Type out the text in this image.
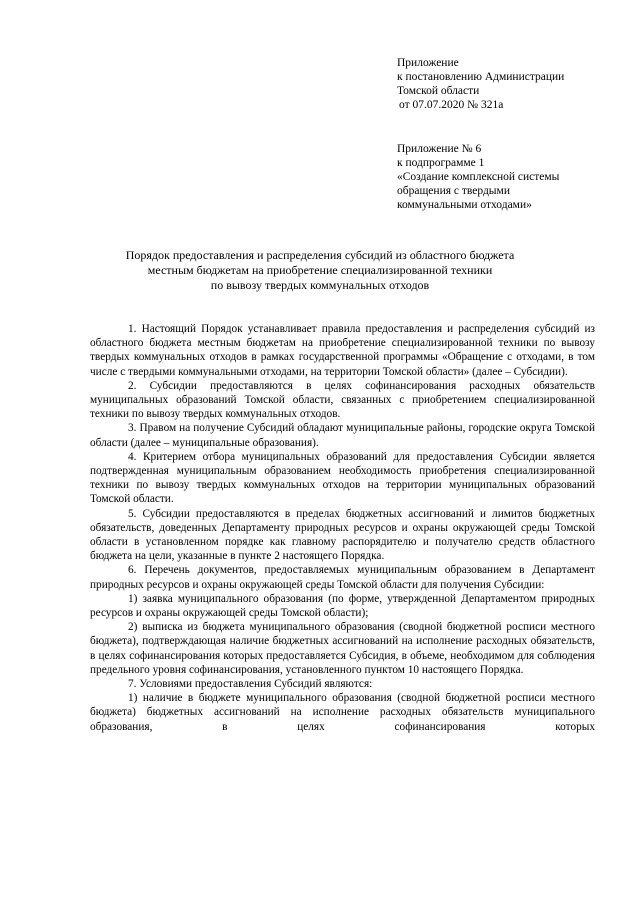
Приложение
к постановлению Администрации
Томской области
от 07.07.2020 № 321а
Приложение № 6
к подпрограмме 1
«Создание комплексной системы
обращения с твердыми
коммунальными отходами»
Порядок предоставления и распределения субсидий из областного бюджета
местным бюджетам на приобретение специализированной техники
по вывозу твердых коммунальных отходов

1. Настоящий Порядок устанавливает правила предоставления и распределения субсидий из областного бюджета местным бюджетам на приобретение специализированной техники по вывозу твердых коммунальных отходов в рамках государственной программы «Обращение с отходами, в том числе с твердыми коммунальными отходами, на территории Томской области» (далее – Субсидии).

2. Субсидии предоставляются в целях софинансирования расходных обязательств муниципальных образований Томской области, связанных с приобретением специализированной техники по вывозу твердых коммунальных отходов.

3. Правом на получение Субсидий обладают муниципальные районы, городские округа Томской области (далее – муниципальные образования).

4. Критерием отбора муниципальных образований для предоставления Субсидии является подтвержденная муниципальным образованием необходимость приобретения специализированной техники по вывозу твердых коммунальных отходов на территории муниципальных образований Томской области.

5. Субсидии предоставляются в пределах бюджетных ассигнований и лимитов бюджетных обязательств, доведенных Департаменту природных ресурсов и охраны окружающей среды Томской области в установленном порядке как главному распорядителю и получателю средств областного бюджета на цели, указанные в пункте 2 настоящего Порядка.

6. Перечень документов, предоставляемых муниципальным образованием в Департамент природных ресурсов и охраны окружающей среды Томской области для получения Субсидии:

1) заявка муниципального образования (по форме, утвержденной Департаментом природных ресурсов и охраны окружающей среды Томской области);

2) выписка из бюджета муниципального образования (сводной бюджетной росписи местного бюджета), подтверждающая наличие бюджетных ассигнований на исполнение расходных обязательств, в целях софинансирования которых предоставляется Субсидия, в объеме, необходимом для соблюдения предельного уровня софинансирования, установленного пунктом 10 настоящего Порядка.

7. Условиями предоставления Субсидий являются:

1) наличие в бюджете муниципального образования (сводной бюджетной росписи местного бюджета) бюджетных ассигнований на исполнение расходных обязательств муниципального образования, в целях софинансирования которых
